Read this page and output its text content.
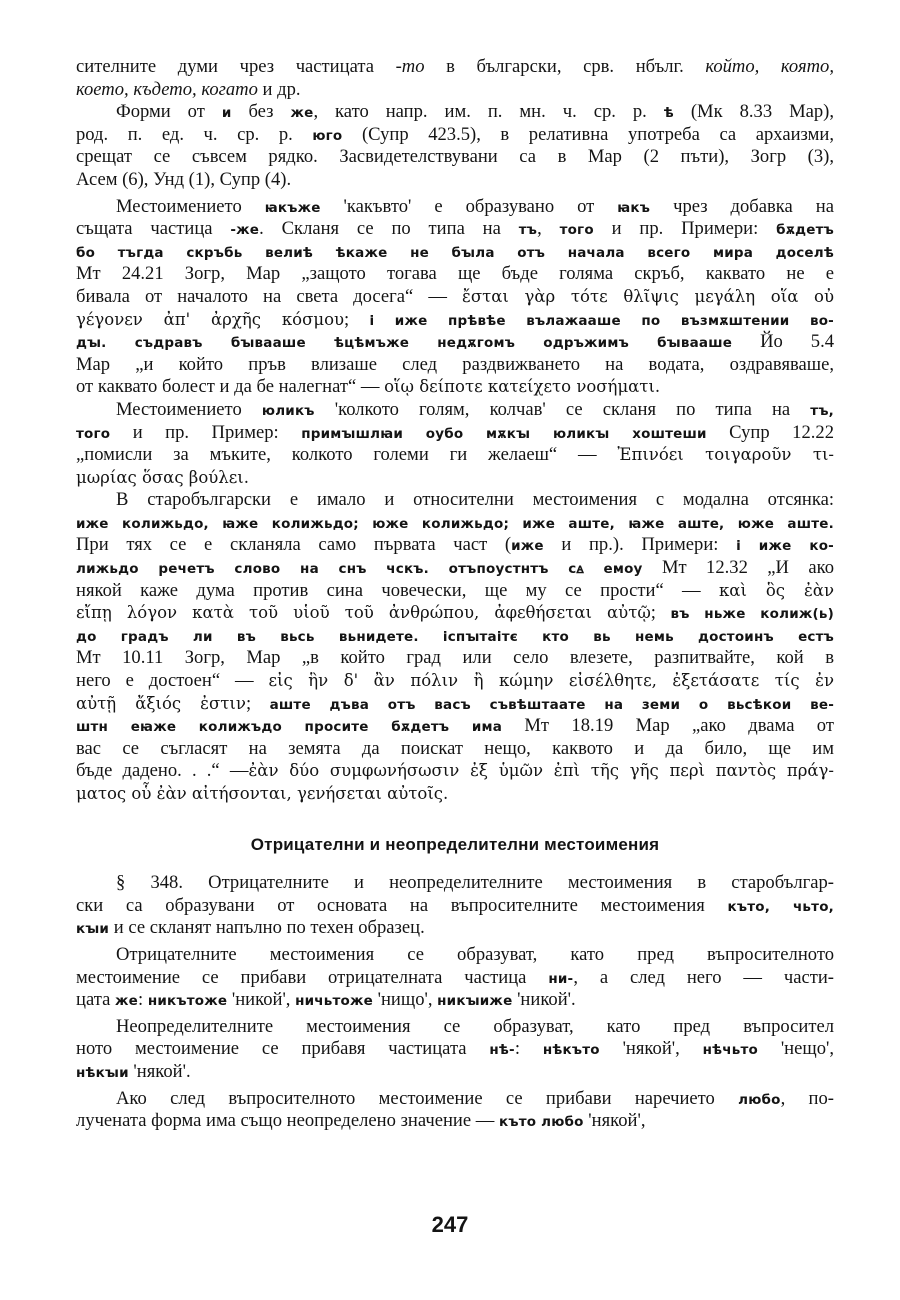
сителните думи чрез частицата -то в български, срв. нбълг. който, която,
което, където, когато и др.
Форми от и без же, като напр. им. п. мн. ч. ср. р. ѣ (Мк 8.33 Мар),
род. п. ед. ч. ср. р. юго (Супр 423.5), в релативна употреба са архаизми,
срещат се съвсем рядко. Засвидетелствувани са в Мар (2 пъти), Зогр (3),
Асем (6), Унд (1), Супр (4).
Местоимението ꙗкъже 'какъвто' е образувано от ꙗкъ чрез добавка на
същата частица -же. Скланя се по типа на тъ, того и пр. Примери: бѫдетъ
бо тъгда скръбь велиѣ ѣкаже не бꙑла отъ начала всего мира доселѣ
Мт 24.21 Зогр, Мар „защото тогава ще бъде голяма скръб, каквато не е
бивала от началото на света досега“ — ἔσται γὰρ τότε θλῖψις μεγάλη οἵα οὐ
γέγονεν ἀπ' ἀρχῆς κόσμου; і иже прѣвѣе вълажааше по възмѫштении во-
дꙑ. съдравъ бꙑвааше ѣцѣмъже недѫгомъ одръжимъ бꙑвааше Йо 5.4
Мар „и който пръв влизаше след раздвижването на водата, оздравяваше,
от каквато болест и да бе налегнат“ — οἵῳ δείποτε κατείχετο νοσήματι.
Местоимението юликъ 'колкото голям, колчав' се скланя по типа на тъ,
того и пр. Пример: примꙑшлꙗи оубо мѫкꙑ юликꙑ хоштеши Супр 12.22
„помисли за мъките, колкото големи ги желаеш“ — Ἐπινόει τοιγαροῦν τι-
μωρίας ὅσας βούλει.
В старобългарски е имало и относителни местоимения с модална отсянка:
иже колижьдо, ꙗже колижьдо; юже колижьдо; иже аште, ꙗже аште, юже аште.
При тях се е скланяла само първата част (иже и пр.). Примери: і иже ко-
лижьдо речетъ слово на снъ чскъ. отъпоустнтъ сꙙ емоу Мт 12.32 „И ако
някой каже дума против сина човечески, ще му се прости“ — καὶ ὃς ἐὰν
εἴπῃ λόγον κατὰ τοῦ υἱοῦ τοῦ ἀνθρώπου, ἀφεθήσεται αὐτῷ; въ ньже колиж(ь)
до градъ ли въ вьсь вьнидете. іспꙑтаітє кто вь немь достоинъ естъ
Мт 10.11 Зогр, Мар „в който град или село влезете, разпитвайте, кой в
него е достоен“ — εἰς ἣν δ' ἂν πόλιν ἢ κώμην εἰσέλθητε, ἐξετάσατε τίς ἐν
αὐτῇ ἄξιός ἐστιν; аште дъва отъ васъ съвѣштаате на земи о вьсѣкои ве-
штн еꙗже колижъдо просите бѫдетъ има Мт 18.19 Мар „ако двама от
вас се съгласят на земята да поискат нещо, каквото и да било, ще им
бъде дадено. . .“ —ἐὰν δύο συμφωνήσωσιν ἐξ ὑμῶν ἐπὶ τῆς γῆς περὶ παντὸς πράγ-
ματος οὗ ἐὰν αἰτήσονται, γενήσεται αὐτοῖς.
Отрицателни и неопределителни местоимения
§ 348. Отрицателните и неопределителните местоимения в старобългар-
ски са образувани от основата на въпросителните местоимения къто, чьто,
кꙑи и се скланят напълно по техен образец.
Отрицателните местоимения се образуват, като пред въпросителното
местоимение се прибави отрицателната частица ни-, а след него — части-
цата же: никътоже 'никой', ничьтоже 'нищо', никꙑиже 'никой'.
Неопределителните местоимения се образуват, като пред въпросител
ното местоимение се прибавя частицата нѣ-: нѣкъто 'някой', нѣчьто 'нещо',
нѣкꙑи 'някой'.
Ако след въпросителното местоимение се прибави наречието любо, по-
лучената форма има също неопределено значение — къто любо 'някой',
247
